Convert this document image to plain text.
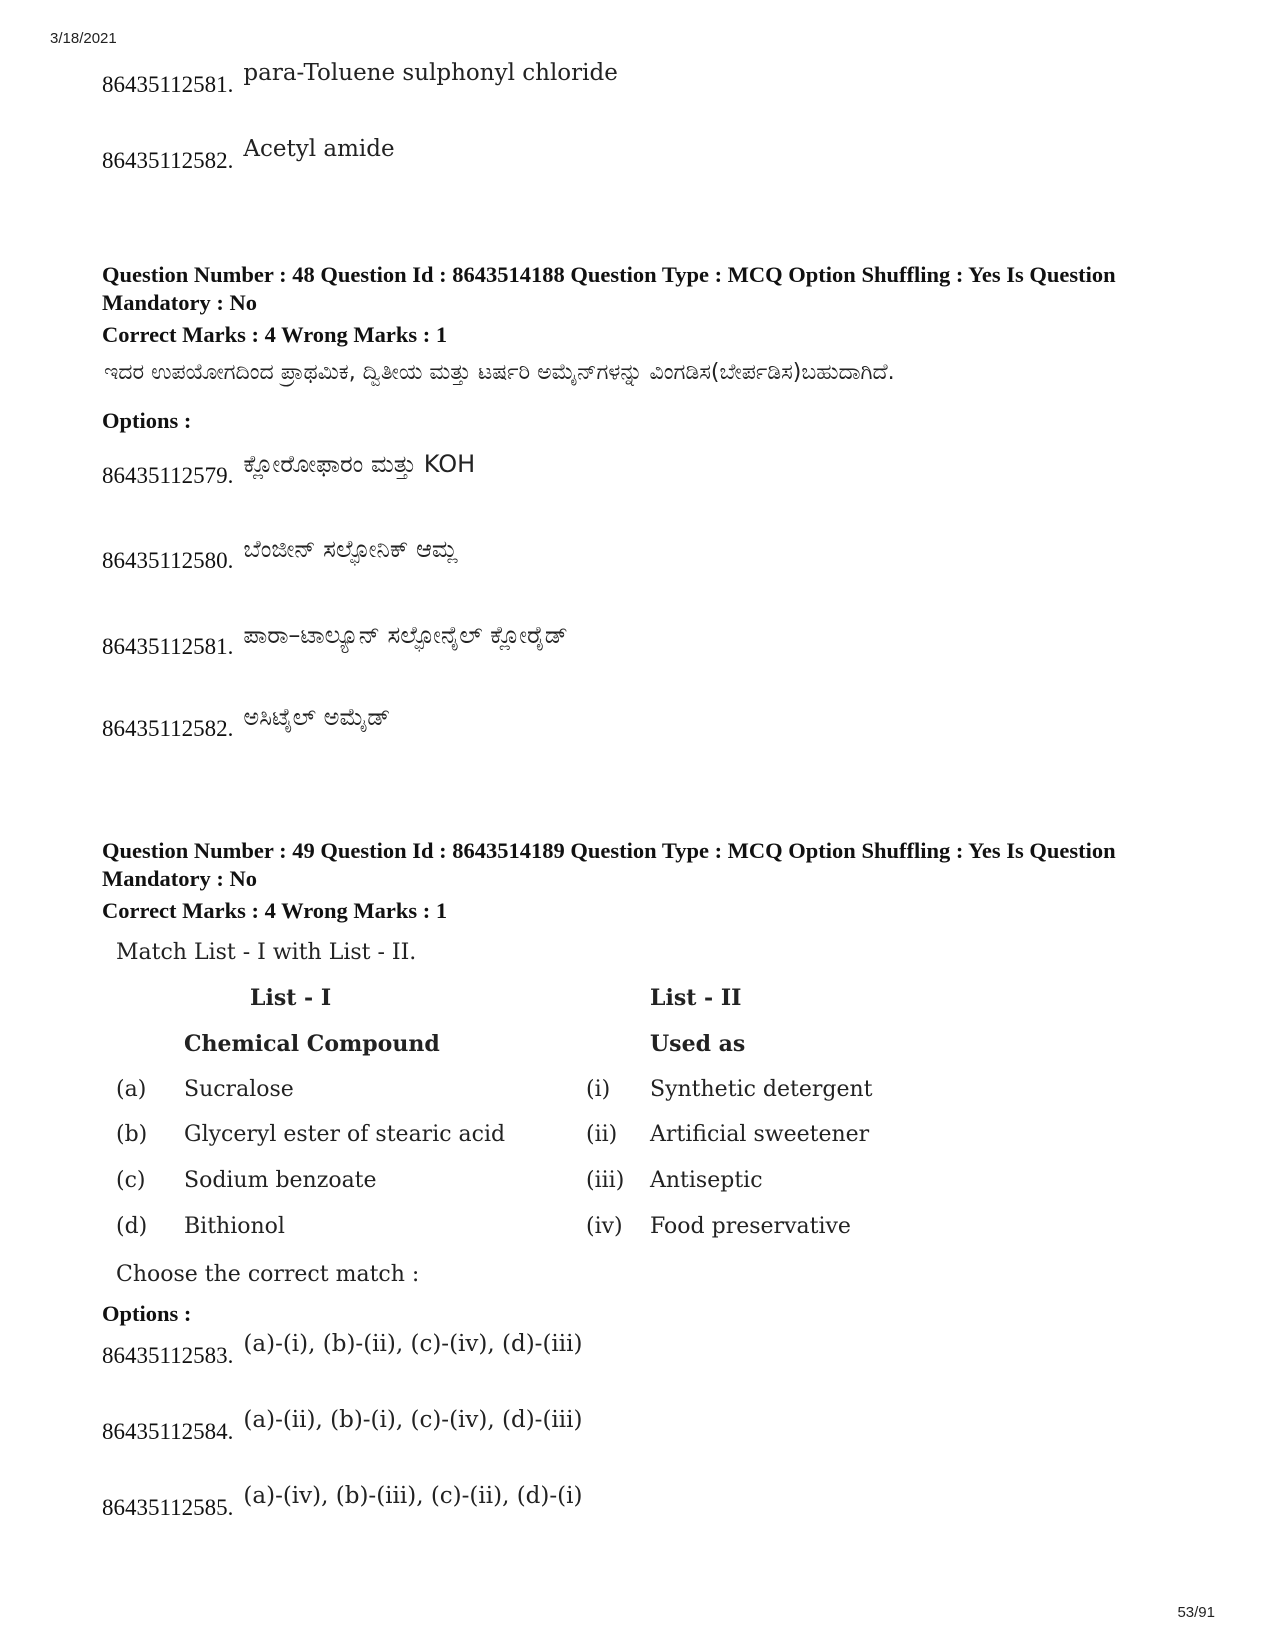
3/18/2021
86435112581. para-Toluene sulphonyl chloride
86435112582. Acetyl amide
Question Number : 48 Question Id : 8643514188 Question Type : MCQ Option Shuffling : Yes Is Question Mandatory : No
Correct Marks : 4 Wrong Marks : 1
ಇದರ ಉಪಯೋಗದಿಂದ ಪ್ರಾಥಮಿಕ, ದ್ವಿತೀಯ ಮತ್ತು ಟರ್ಷರಿ ಅಮೈನ್‌ಗಳನ್ನು ವಿಂಗಡಿಸ(ಬೇರ್ಪಡಿಸ)ಬಹುದಾಗಿದೆ.
Options :
86435112579. ಕ್ಲೋರೋಫಾರಂ ಮತ್ತು KOH
86435112580. ಬೆಂಜೀನ್ ಸಲ್ಫೋನಿಕ್ ಆಮ್ಲ
86435112581. ಪಾರಾ–ಟಾಲ್ಯೂನ್ ಸಲ್ಫೋನೈಲ್ ಕ್ಲೋರೈಡ್
86435112582. ಅಸಿಟೈಲ್ ಅಮೈಡ್
Question Number : 49 Question Id : 8643514189 Question Type : MCQ Option Shuffling : Yes Is Question Mandatory : No
Correct Marks : 4 Wrong Marks : 1
Match List - I with List - II.
List - I	List - II
Chemical Compound	Used as
(a) Sucralose	(i) Synthetic detergent
(b) Glyceryl ester of stearic acid	(ii) Artificial sweetener
(c) Sodium benzoate	(iii) Antiseptic
(d) Bithionol	(iv) Food preservative
Choose the correct match :
Options :
86435112583. (a)-(i), (b)-(ii), (c)-(iv), (d)-(iii)
86435112584. (a)-(ii), (b)-(i), (c)-(iv), (d)-(iii)
86435112585. (a)-(iv), (b)-(iii), (c)-(ii), (d)-(i)
53/91
